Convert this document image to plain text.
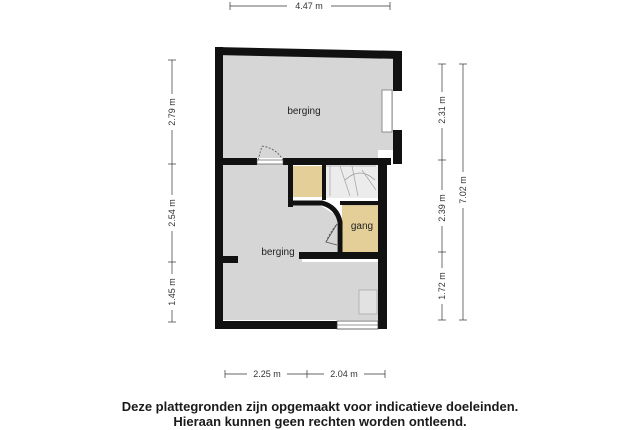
4.47 m
2.79 m
2.54 m
1.45 m
2.31 m
2.39 m
1.72 m
7.02 m
2.25 m	2.04 m
berging
berging
gang
Deze plattegronden zijn opgemaakt voor indicatieve doeleinden.
Hieraan kunnen geen rechten worden ontleend.
